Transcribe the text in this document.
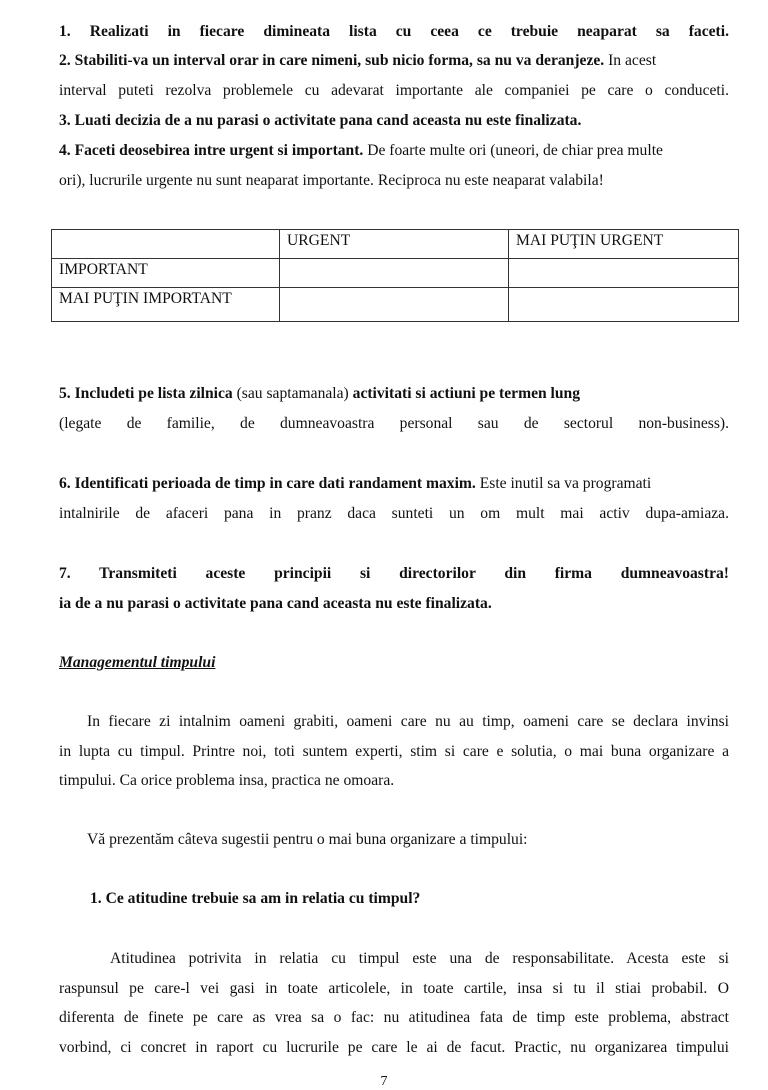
1. Realizati in fiecare dimineata lista cu ceea ce trebuie neaparat sa faceti.
2. Stabiliti-va un interval orar in care nimeni, sub nicio forma, sa nu va deranjeze. In acest
interval puteti rezolva problemele cu adevarat importante ale companiei pe care o conduceti.
3. Luati decizia de a nu parasi o activitate pana cand aceasta nu este finalizata.
4. Faceti deosebirea intre urgent si important. De foarte multe ori (uneori, de chiar prea multe
ori), lucrurile urgente nu sunt neaparat importante. Reciproca nu este neaparat valabila!
	URGENT	MAI PUŢIN URGENT
IMPORTANT		
MAI PUŢIN IMPORTANT		
5. Includeti pe lista zilnica (sau saptamanala) activitati si actiuni pe termen lung
(legate de familie, de dumneavoastra personal sau de sectorul non-business).
6. Identificati perioada de timp in care dati randament maxim. Este inutil sa va programati
intalnirile de afaceri pana in pranz daca sunteti un om mult mai activ dupa-amiaza.
7. Transmiteti aceste principii si directorilor din firma dumneavoastra!
ia de a nu parasi o activitate pana cand aceasta nu este finalizata.
Managementul timpului
In fiecare zi intalnim oameni grabiti, oameni care nu au timp, oameni care se declara invinsi
in lupta cu timpul. Printre noi, toti suntem experti, stim si care e solutia, o mai buna organizare a
timpului. Ca orice problema insa, practica ne omoara.
Vă prezentăm câteva sugestii pentru o mai buna organizare a timpului:
1. Ce atitudine trebuie sa am in relatia cu timpul?
Atitudinea potrivita in relatia cu timpul este una de responsabilitate. Acesta este si
raspunsul pe care-l vei gasi in toate articolele, in toate cartile, insa si tu il stiai probabil. O
diferenta de finete pe care as vrea sa o fac: nu atitudinea fata de timp este problema, abstract
vorbind, ci concret in raport cu lucrurile pe care le ai de facut. Practic, nu organizarea timpului
7
